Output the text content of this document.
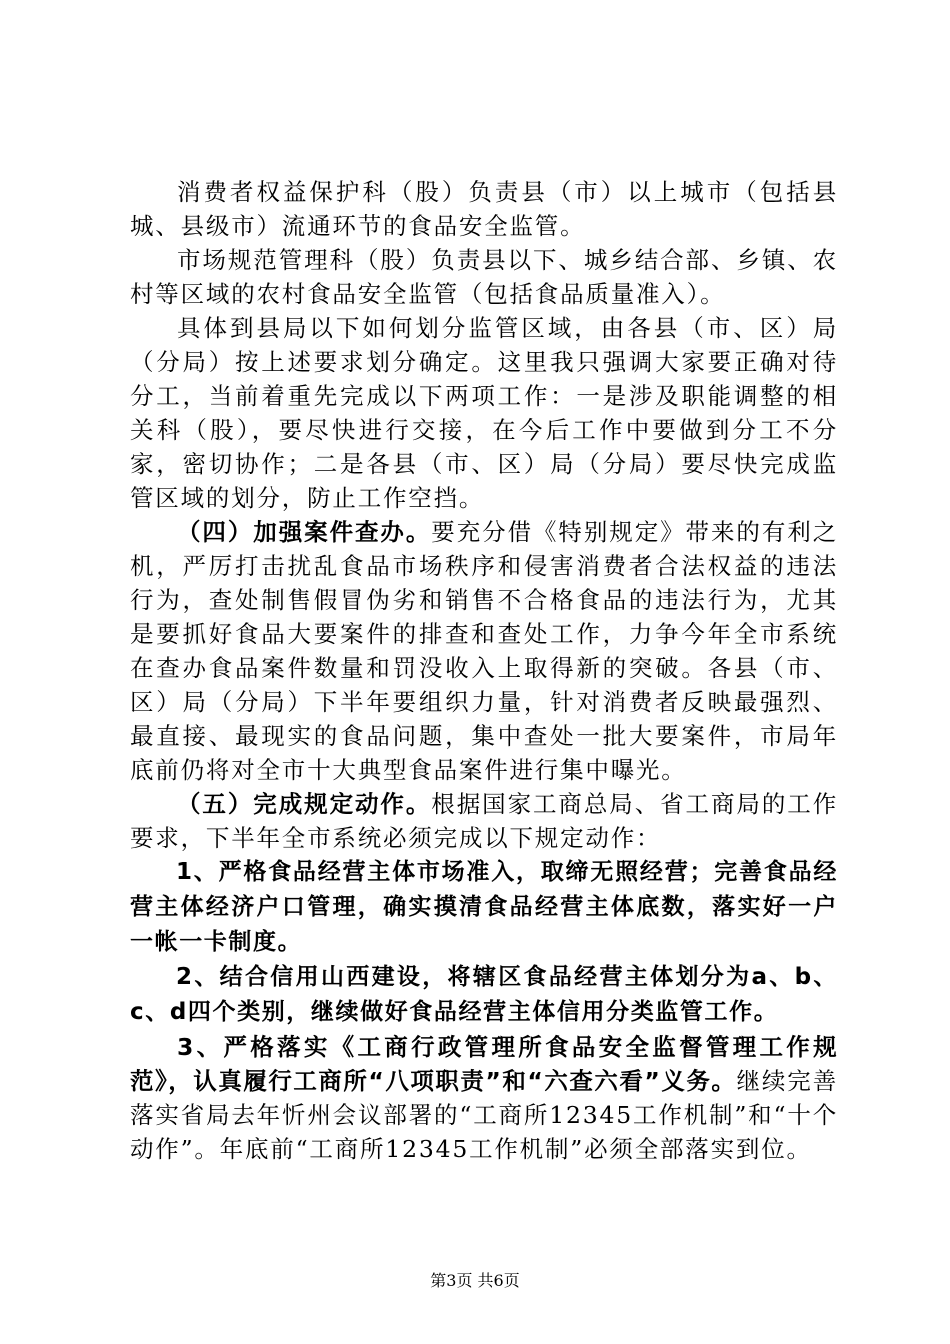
消费者权益保护科（股）负责县（市）以上城市（包括县城、县级市）流通环节的食品安全监管。

市场规范管理科（股）负责县以下、城乡结合部、乡镇、农村等区域的农村食品安全监管（包括食品质量准入）。

具体到县局以下如何划分监管区域，由各县（市、区）局（分局）按上述要求划分确定。这里我只强调大家要正确对待分工，当前着重先完成以下两项工作：一是涉及职能调整的相关科（股），要尽快进行交接，在今后工作中要做到分工不分家，密切协作；二是各县（市、区）局（分局）要尽快完成监管区域的划分，防止工作空挡。

（四）加强案件查办。要充分借《特别规定》带来的有利之机，严厉打击扰乱食品市场秩序和侵害消费者合法权益的违法行为，查处制售假冒伪劣和销售不合格食品的违法行为，尤其是要抓好食品大要案件的排查和查处工作，力争今年全市系统在查办食品案件数量和罚没收入上取得新的突破。各县（市、区）局（分局）下半年要组织力量，针对消费者反映最强烈、最直接、最现实的食品问题，集中查处一批大要案件，市局年底前仍将对全市十大典型食品案件进行集中曝光。

（五）完成规定动作。根据国家工商总局、省工商局的工作要求，下半年全市系统必须完成以下规定动作：

1、严格食品经营主体市场准入，取缔无照经营；完善食品经营主体经济户口管理，确实摸清食品经营主体底数，落实好一户一帐一卡制度。

2、结合信用山西建设，将辖区食品经营主体划分为a、b、c、d四个类别，继续做好食品经营主体信用分类监管工作。

3、严格落实《工商行政管理所食品安全监督管理工作规范》，认真履行工商所“八项职责”和“六查六看”义务。继续完善落实省局去年忻州会议部署的“工商所12345工作机制”和“十个动作”。年底前“工商所12345工作机制”必须全部落实到位。

第3页 共6页
